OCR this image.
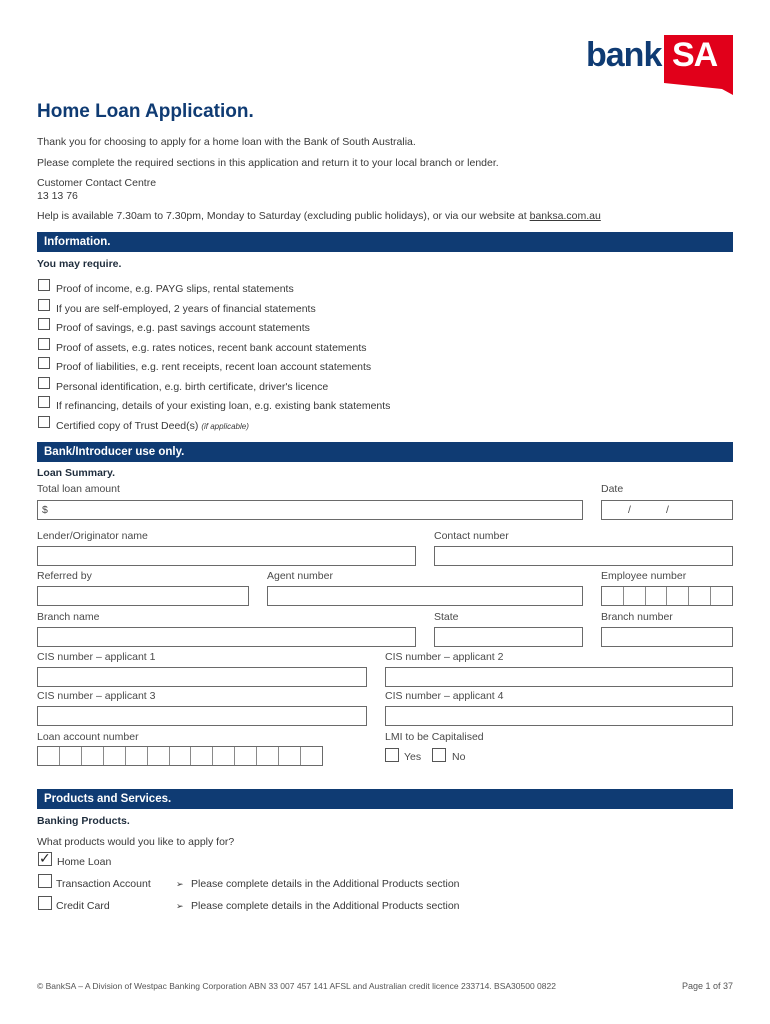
bank SA
Home Loan Application.
Thank you for choosing to apply for a home loan with the Bank of South Australia.
Please complete the required sections in this application and return it to your local branch or lender.
Customer Contact Centre
13 13 76
Help is available 7.30am to 7.30pm, Monday to Saturday (excluding public holidays), or via our website at banksa.com.au
Information.
You may require.
Proof of income, e.g. PAYG slips, rental statements
If you are self-employed, 2 years of financial statements
Proof of savings, e.g. past savings account statements
Proof of assets, e.g. rates notices, recent bank account statements
Proof of liabilities, e.g. rent receipts, recent loan account statements
Personal identification, e.g. birth certificate, driver's licence
If refinancing, details of your existing loan, e.g. existing bank statements
Certified copy of Trust Deed(s) (if applicable)
Bank/Introducer use only.
Loan Summary.
Total loan amount	Date
$	/	/
Lender/Originator name	Contact number
Referred by	Agent number	Employee number
Branch name	State	Branch number
CIS number – applicant 1	CIS number – applicant 2
CIS number – applicant 3	CIS number – applicant 4
Loan account number	LMI to be Capitalised
Yes	No
Products and Services.
Banking Products.
What products would you like to apply for?
✓ Home Loan
Transaction Account	➢ Please complete details in the Additional Products section
Credit Card	➢ Please complete details in the Additional Products section
© BankSA – A Division of Westpac Banking Corporation ABN 33 007 457 141 AFSL and Australian credit licence 233714. BSA30500 0822	Page 1 of 37
